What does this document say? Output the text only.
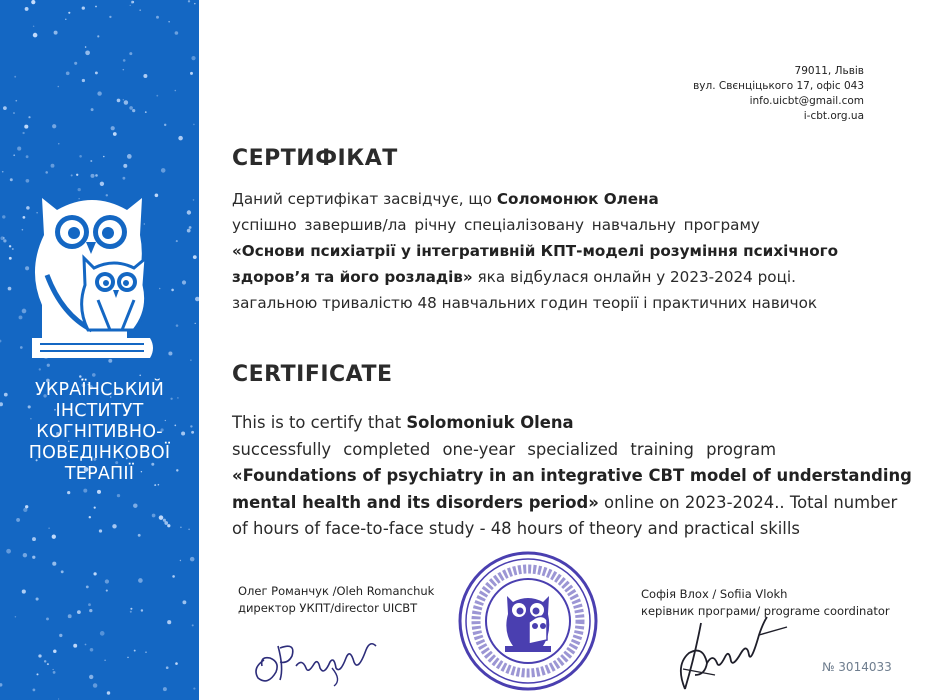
УКРАЇНСЬКИЙ
ІНСТИТУТ
КОГНІТИВНО-
ПОВЕДІНКОВОЇ
ТЕРАПІЇ
79011, Львів
вул. Свєнціцького 17, офіс 043
info.uicbt@gmail.com
i-cbt.org.ua
СЕРТИФІКАТ
Даний сертифікат засвідчує, що Соломонюк Олена
успішно завершив/ла річну спеціалізовану навчальну програму
«Основи психіатрії у інтегративній КПТ-моделі розуміння психічного
здоров’я та його розладів» яка відбулася онлайн у 2023-2024 році.
загальною тривалістю 48 навчальних годин теорії і практичних навичок
CERTIFICATE
This is to certify that Solomoniuk Olena
successfully completed one-year specialized training program
«Foundations of psychiatry in an integrative CBT model of understanding
mental health and its disorders period» online on 2023-2024.. Total number
of hours of face-to-face study - 48 hours of theory and practical skills
Олег Романчук /Oleh Romanchuk
директор УКПТ/director UICBT
Софія Влох / Sofiia Vlokh
керівник програми/ programe coordinator
№ 3014033
